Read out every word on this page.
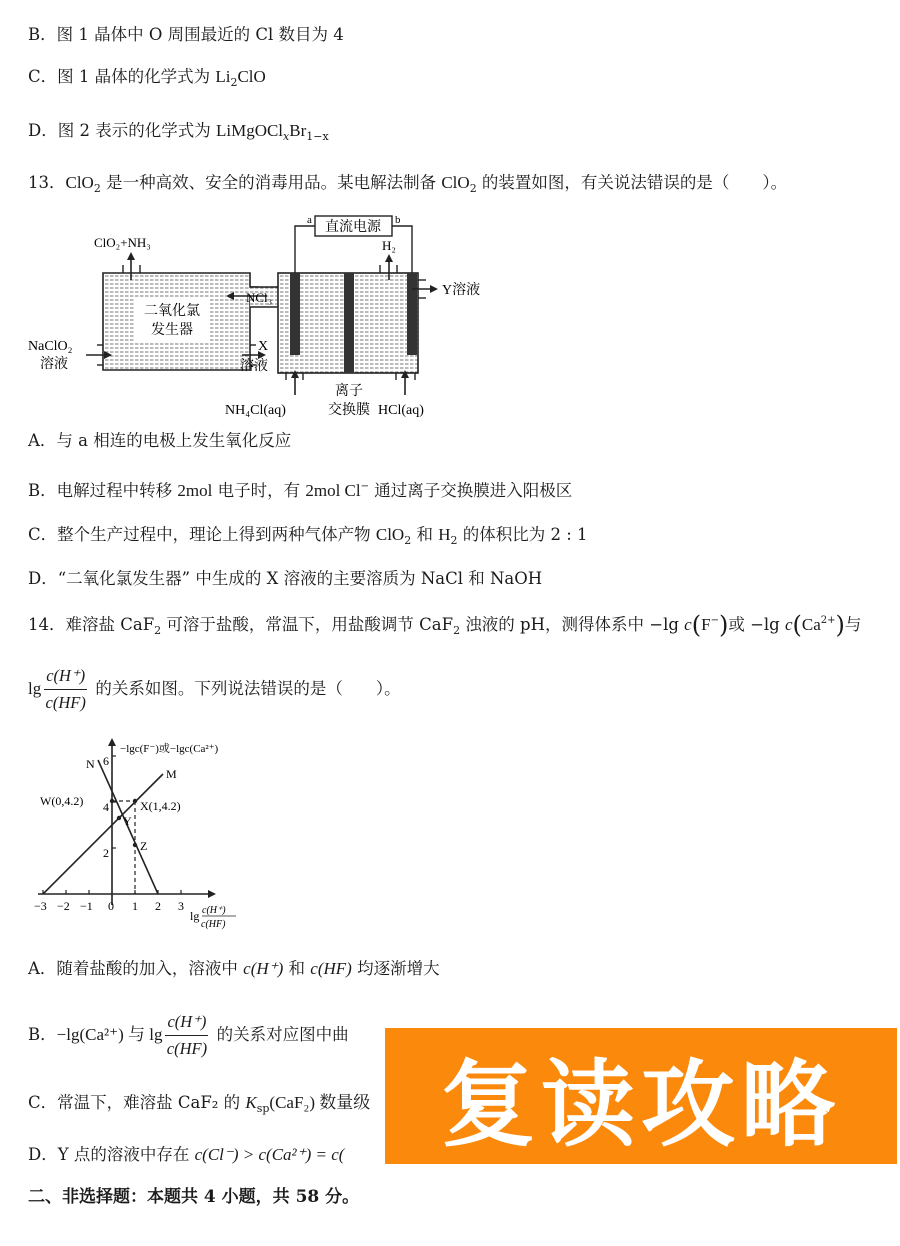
B．图 1 晶体中 O 周围最近的 Cl 数目为 4
C．图 1 晶体的化学式为 $Li_2ClO$
D．图 2 表示的化学式为 $LiMgOCl_xBr_{1-x}$
13．ClO$_2$ 是一种高效、安全的消毒用品。某电解法制备 ClO$_2$ 的装置如图，有关说法错误的是（　　）。
二氧化氯
发生器
直流电源
a	b
ClO₂+NH₃	H₂
Y溶液
NCl₃
NaClO₂
溶液
X
溶液
NH₄Cl(aq)
离子
交换膜 HCl(aq)
A．与 a 相连的电极上发生氧化反应
B．电解过程中转移 2mol 电子时，有 2mol Cl− 通过离子交换膜进入阳极区
C．整个生产过程中，理论上得到两种气体产物 ClO$_2$ 和 $H_2$ 的体积比为 2 : 1
D．“二氧化氯发生器” 中生成的 X 溶液的主要溶质为 NaCl 和 NaOH
14．难溶盐 CaF$_2$ 可溶于盐酸，常温下，用盐酸调节 CaF$_2$ 浊液的 pH，测得体系中 −lg c(F−)或 −lg $c(Ca^{2+})$与
$\lg \frac{c(H^+)}{c(HF)}$ 的关系如图。下列说法错误的是（　　）。
−3 −2 −1 0 1 2 3
2
4
6
−lgc(F⁻)或−lgc(Ca²⁺)
lg c(H⁺)
c(HF)
M
N
W(0,4.2)	X(1,4.2)
Y
Z
A．随着盐酸的加入，溶液中 c(H⁺) 和 c(HF) 均逐渐增大
B．−lg(Ca²⁺) 与 $\lg \frac{c(H^+)}{c(HF)}$ 的关系对应图中曲
C．常温下，难溶盐 CaF₂ 的 $K_{sp}(CaF_2)$ 数量级
D．Y 点的溶液中存在 c(Cl⁻) > c(Ca²⁺) = c(
二、非选择题：本题共 4 小题，共 58 分。
复读攻略
